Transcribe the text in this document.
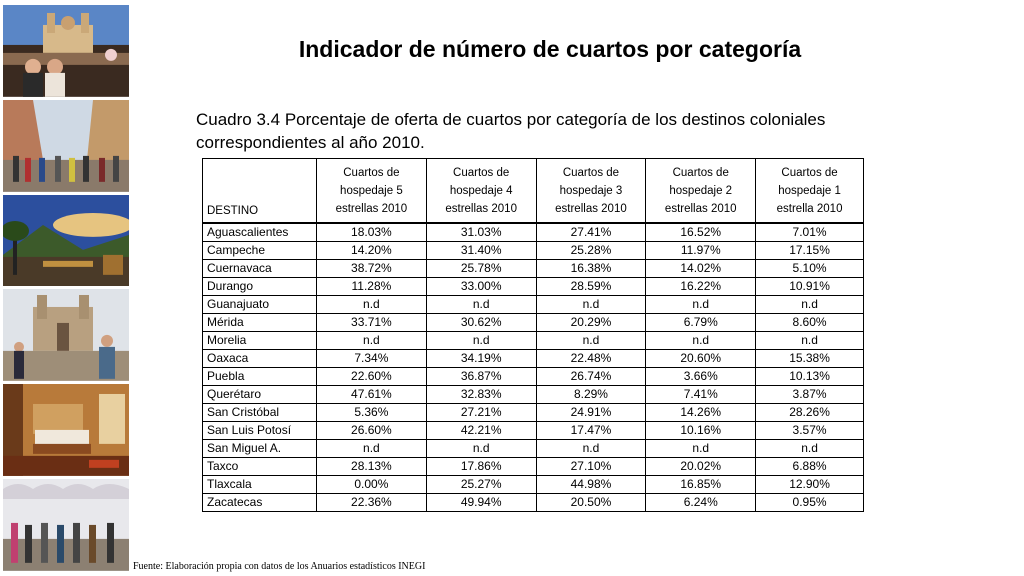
Indicador de número de cuartos por categoría
Cuadro 3.4 Porcentaje de oferta de cuartos por categoría de los destinos coloniales correspondientes al año 2010.
DESTINO	Cuartos de hospedaje 5 estrellas 2010	Cuartos de hospedaje 4 estrellas 2010	Cuartos de hospedaje 3 estrellas 2010	Cuartos de hospedaje 2 estrellas 2010	Cuartos de hospedaje 1 estrella 2010
Aguascalientes	18.03%	31.03%	27.41%	16.52%	7.01%
Campeche	14.20%	31.40%	25.28%	11.97%	17.15%
Cuernavaca	38.72%	25.78%	16.38%	14.02%	5.10%
Durango	11.28%	33.00%	28.59%	16.22%	10.91%
Guanajuato	n.d	n.d	n.d	n.d	n.d
Mérida	33.71%	30.62%	20.29%	6.79%	8.60%
Morelia	n.d	n.d	n.d	n.d	n.d
Oaxaca	7.34%	34.19%	22.48%	20.60%	15.38%
Puebla	22.60%	36.87%	26.74%	3.66%	10.13%
Querétaro	47.61%	32.83%	8.29%	7.41%	3.87%
San Cristóbal	5.36%	27.21%	24.91%	14.26%	28.26%
San Luis Potosí	26.60%	42.21%	17.47%	10.16%	3.57%
San Miguel A.	n.d	n.d	n.d	n.d	n.d
Taxco	28.13%	17.86%	27.10%	20.02%	6.88%
Tlaxcala	0.00%	25.27%	44.98%	16.85%	12.90%
Zacatecas	22.36%	49.94%	20.50%	6.24%	0.95%
Fuente: Elaboración propia con datos de los Anuarios estadísticos INEGI
